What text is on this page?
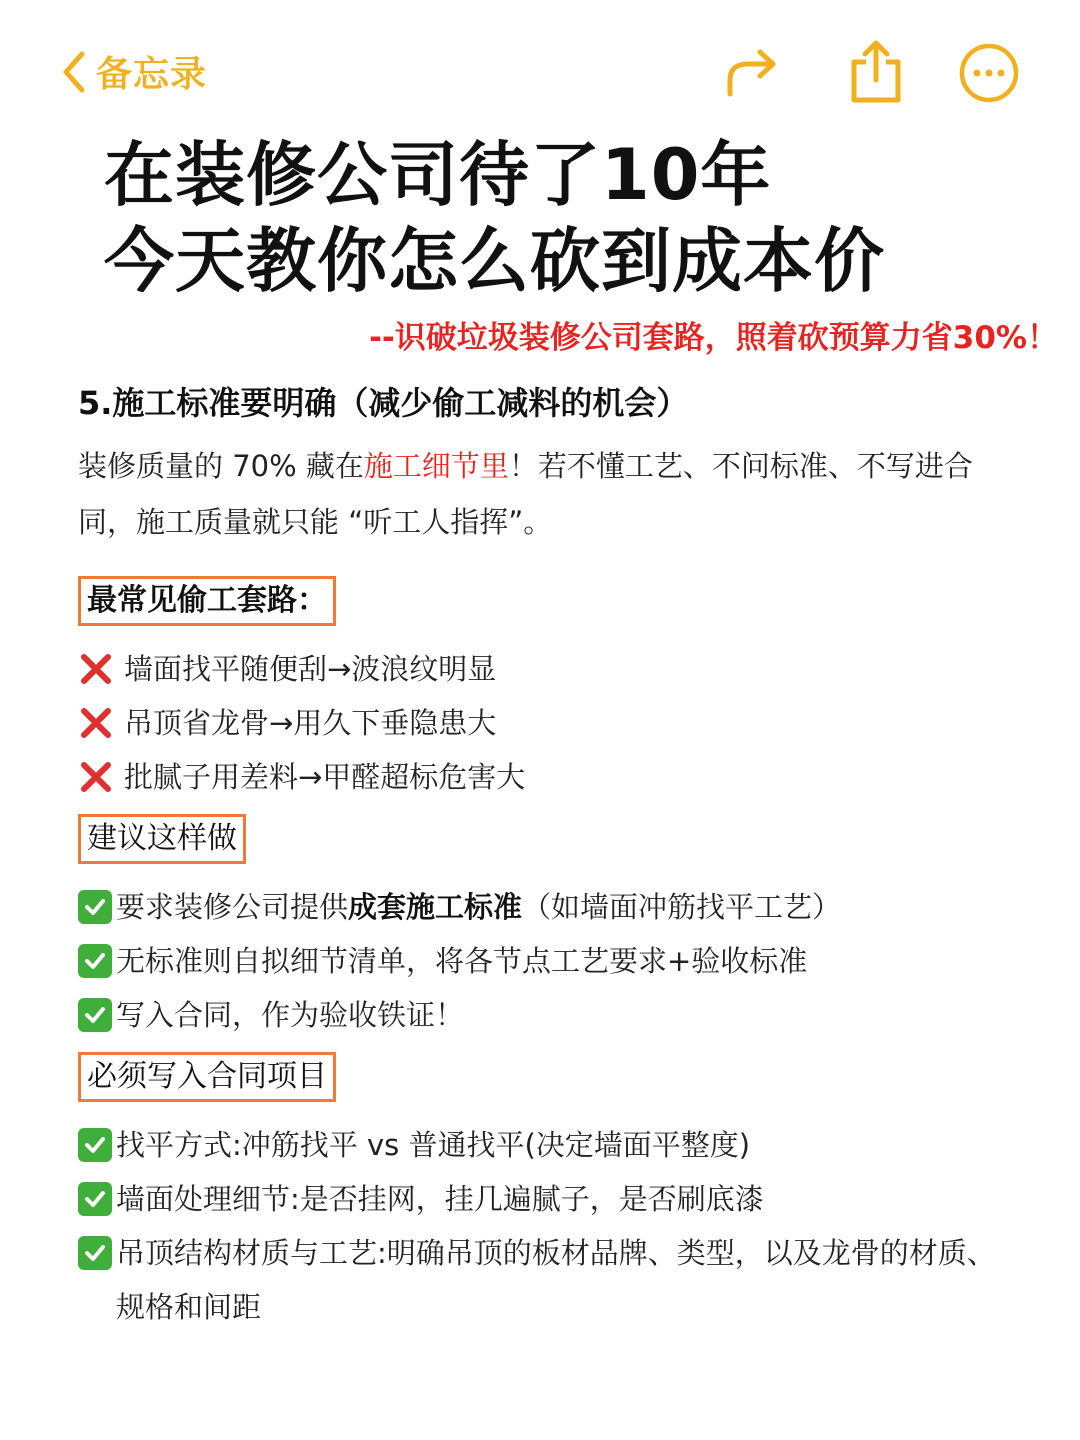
备忘录
在装修公司待了10年
今天教你怎么砍到成本价
--识破垃圾装修公司套路，照着砍预算力省30%！
5.施工标准要明确（减少偷工减料的机会）

装修质量的 70% 藏在施工细节里！若不懂工艺、不问标准、不写进合同，施工质量就只能 “听工人指挥”。

最常见偷工套路：
墙面找平随便刮→波浪纹明显
吊顶省龙骨→用久下垂隐患大
批腻子用差料→甲醛超标危害大
建议这样做
要求装修公司提供 成套施工标准 （如墙面冲筋找平工艺）
无标准则自拟细节清单，将各节点工艺要求+验收标准
写入合同，作为验收铁证！
必须写入合同项目
找平方式:冲筋找平 vs 普通找平(决定墙面平整度)
墙面处理细节:是否挂网，挂几遍腻子，是否刷底漆
吊顶结构材质与工艺:明确吊顶的板材品牌、类型，以及龙骨的材质、规格和间距
